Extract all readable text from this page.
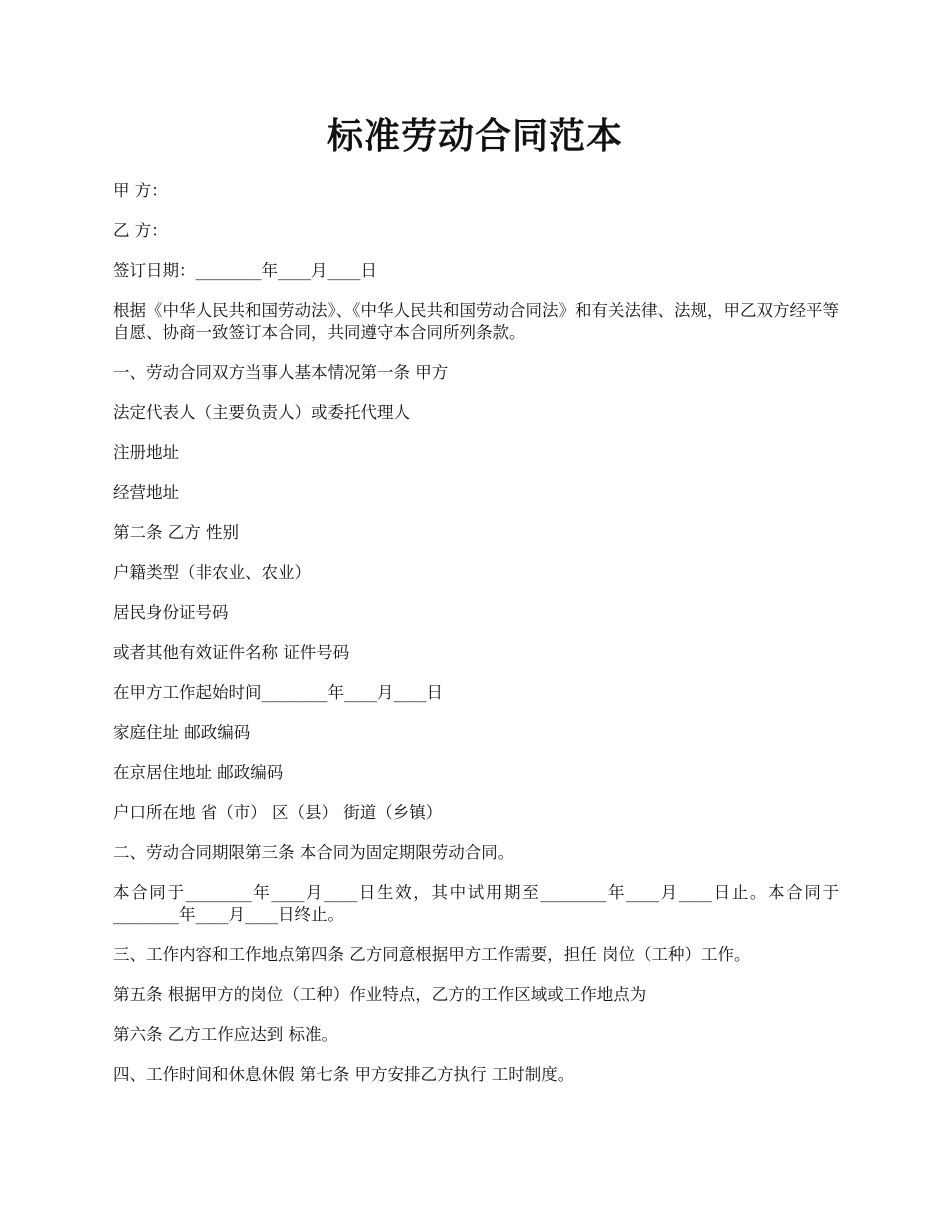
标准劳动合同范本

甲 方：

乙 方：

签订日期：________年____月____日

根据《中华人民共和国劳动法》、《中华人民共和国劳动合同法》和有关法律、法规，甲乙双方经平等自愿、协商一致签订本合同，共同遵守本合同所列条款。

一、劳动合同双方当事人基本情况第一条 甲方

法定代表人（主要负责人）或委托代理人

注册地址

经营地址

第二条 乙方 性别

户籍类型（非农业、农业）

居民身份证号码

或者其他有效证件名称 证件号码

在甲方工作起始时间________年____月____日

家庭住址 邮政编码

在京居住地址 邮政编码

户口所在地 省（市） 区（县） 街道（乡镇）

二、劳动合同期限第三条 本合同为固定期限劳动合同。

本合同于________年____月____日生效，其中试用期至________年____月____日止。本合同于________年____月____日终止。

三、工作内容和工作地点第四条 乙方同意根据甲方工作需要，担任 岗位（工种）工作。

第五条 根据甲方的岗位（工种）作业特点，乙方的工作区域或工作地点为

第六条 乙方工作应达到 标准。

四、工作时间和休息休假 第七条 甲方安排乙方执行 工时制度。
